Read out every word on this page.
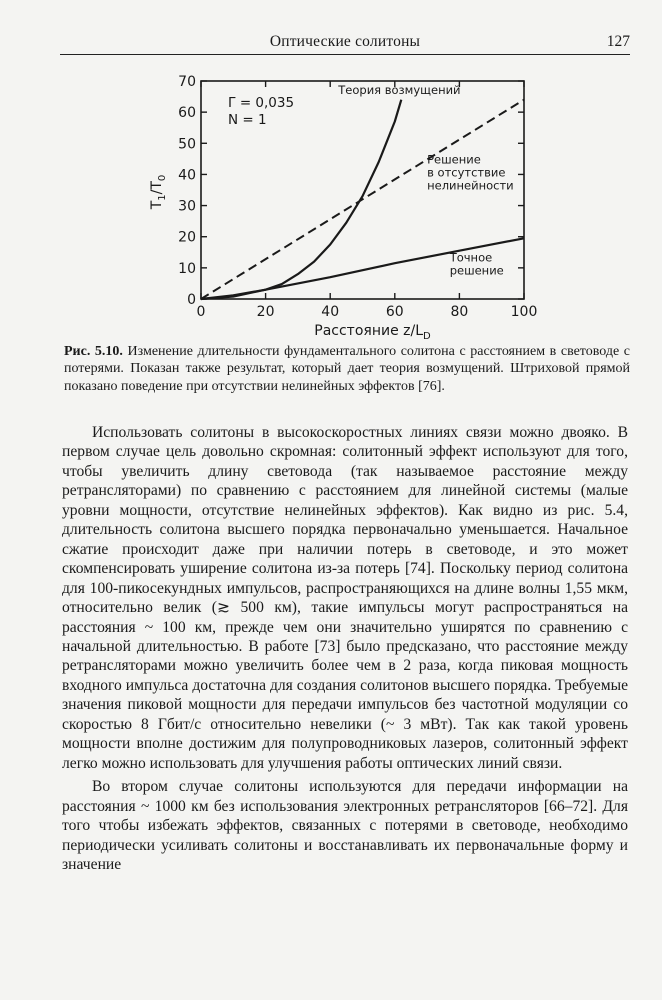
Оптические солитоны	127
0	20	40	60	80	100
0
10
20
30
40
50
60
70
Γ = 0,035
N = 1
Теория возмущений
Решение
в отсутствие
нелинейности
Точное
решение
Расстояние $z/L_D$
$T_1/T_0$
Рис. 5.10. Изменение длительности фундаментального солитона с расстоянием в световоде с потерями. Показан также результат, который дает теория возмущений. Штриховой прямой показано поведение при отсутствии нелинейных эффектов [76].

Использовать солитоны в высокоскоростных линиях связи можно двояко. В первом случае цель довольно скромная: солитонный эффект используют для того, чтобы увеличить длину световода (так называемое расстояние между ретрансляторами) по сравнению с расстоянием для линейной системы (малые уровни мощности, отсутствие нелинейных эффектов). Как видно из рис. 5.4, длительность солитона высшего порядка первоначально уменьшается. Начальное сжатие происходит даже при наличии потерь в световоде, и это может скомпенсировать уширение солитона из-за потерь [74]. Поскольку период солитона для 100-пикосекундных импульсов, распространяющихся на длине волны 1,55 мкм, относительно велик (≳ 500 км), такие импульсы могут распространяться на расстояния ~ 100 км, прежде чем они значительно уширятся по сравнению с начальной длительностью. В работе [73] было предсказано, что расстояние между ретрансляторами можно увеличить более чем в 2 раза, когда пиковая мощность входного импульса достаточна для создания солитонов высшего порядка. Требуемые значения пиковой мощности для передачи импульсов без частотной модуляции со скоростью 8 Гбит/с относительно невелики (~ 3 мВт). Так как такой уровень мощности вполне достижим для полупроводниковых лазеров, солитонный эффект легко можно использовать для улучшения работы оптических линий связи.

Во втором случае солитоны используются для передачи информации на расстояния ~ 1000 км без использования электронных ретрансляторов [66–72]. Для того чтобы избежать эффектов, связанных с потерями в световоде, необходимо периодически усиливать солитоны и восстанавливать их первоначальные форму и значение
